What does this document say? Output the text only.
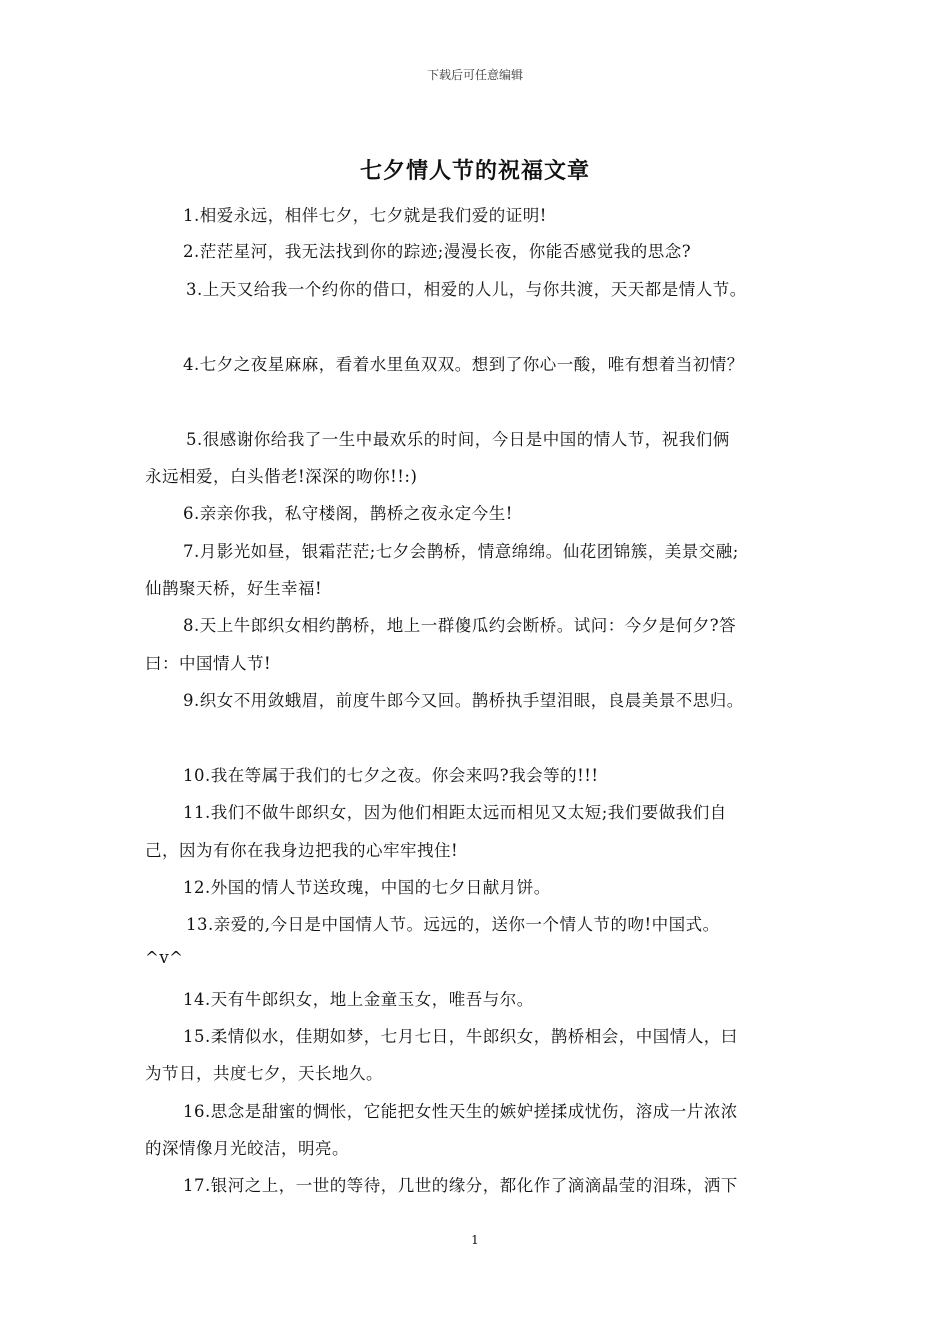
下载后可任意编辑
七夕情人节的祝福文章
1.相爱永远，相伴七夕，七夕就是我们爱的证明!
2.茫茫星河，我无法找到你的踪迹;漫漫长夜，你能否感觉我的思念?
3.上天又给我一个约你的借口，相爱的人儿，与你共渡，天天都是情人节。
4.七夕之夜星麻麻，看着水里鱼双双。想到了你心一酸，唯有想着当初情？
5.很感谢你给我了一生中最欢乐的时间，今日是中国的情人节，祝我们俩
永远相爱，白头偕老!深深的吻你!!:)
6.亲亲你我，私守楼阁，鹊桥之夜永定今生!
7.月影光如昼，银霜茫茫;七夕会鹊桥，情意绵绵。仙花团锦簇，美景交融;
仙鹊聚天桥，好生幸福!
8.天上牛郎织女相约鹊桥，地上一群傻瓜约会断桥。试问：今夕是何夕?答
曰：中国情人节!
9.织女不用敛蛾眉，前度牛郎今又回。鹊桥执手望泪眼，良晨美景不思归。
10.我在等属于我们的七夕之夜。你会来吗?我会等的!!!
11.我们不做牛郎织女，因为他们相距太远而相见又太短;我们要做我们自
己，因为有你在我身边把我的心牢牢拽住!
12.外国的情人节送玫瑰，中国的七夕日献月饼。
13.亲爱的,今日是中国情人节。远远的，送你一个情人节的吻!中国式。
^v^
14.天有牛郎织女，地上金童玉女，唯吾与尔。
15.柔情似水，佳期如梦，七月七日，牛郎织女，鹊桥相会，中国情人，曰
为节日，共度七夕，天长地久。
16.思念是甜蜜的惆怅，它能把女性天生的嫉妒搓揉成忧伤，溶成一片浓浓
的深情像月光皎洁，明亮。
17.银河之上，一世的等待，几世的缘分，都化作了滴滴晶莹的泪珠，洒下
1
